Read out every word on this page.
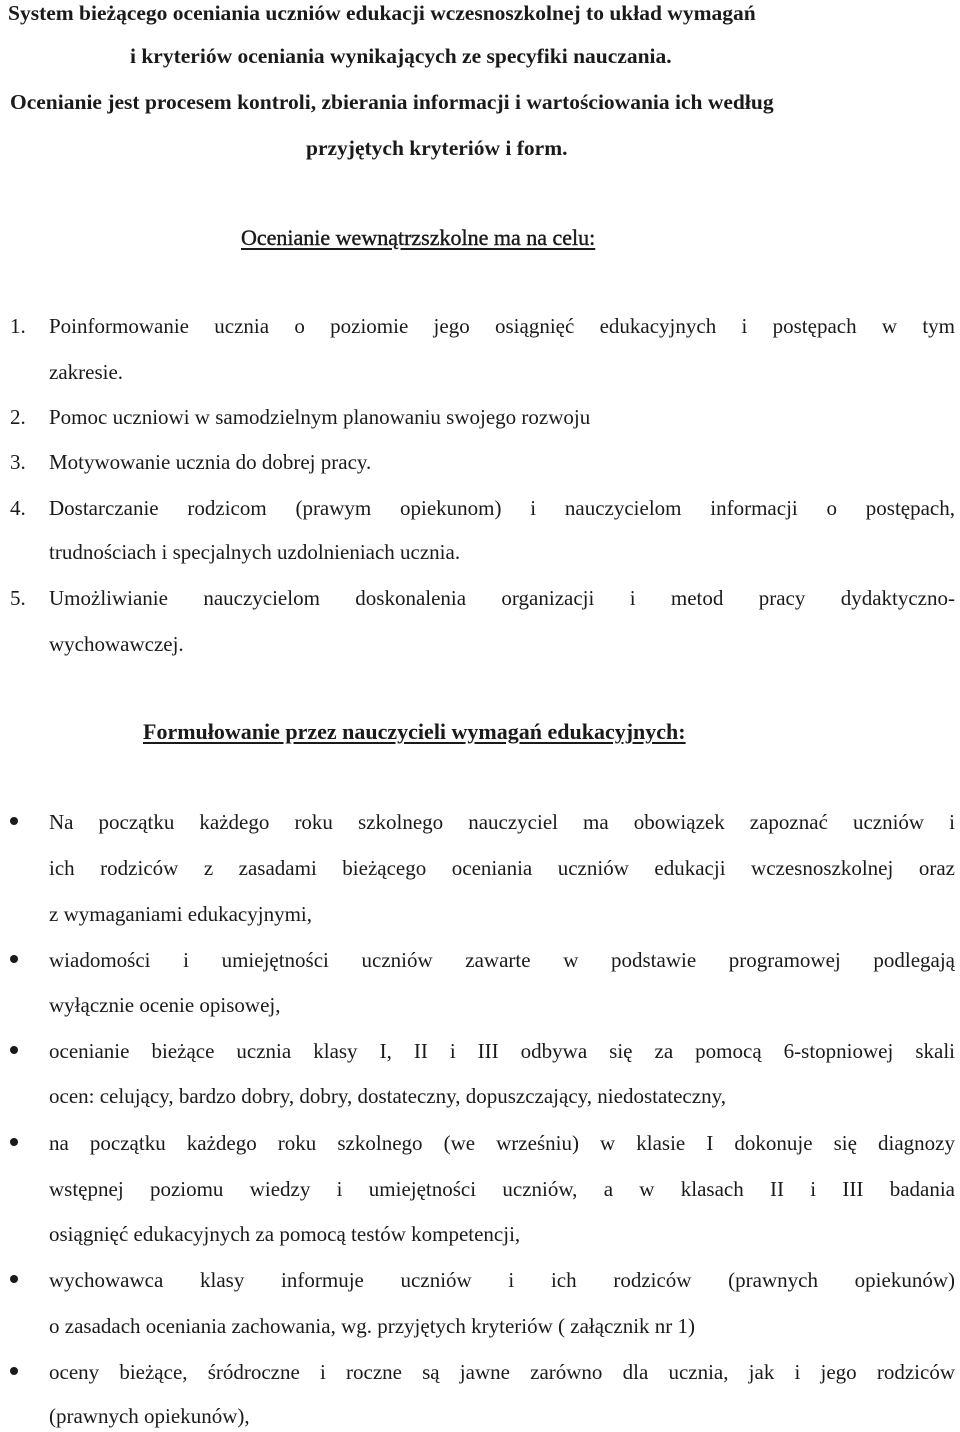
System bieżącego oceniania uczniów edukacji wczesnoszkolnej to układ wymagań
i kryteriów oceniania wynikających ze specyfiki nauczania.
Ocenianie jest procesem kontroli, zbierania informacji i wartościowania ich według
przyjętych kryteriów i form.
Ocenianie wewnątrzszkolne ma na celu:
1. Poinformowanie ucznia o poziomie jego osiągnięć edukacyjnych i postępach w tym
zakresie.
2. Pomoc uczniowi w samodzielnym planowaniu swojego rozwoju
3. Motywowanie ucznia do dobrej pracy.
4. Dostarczanie rodzicom (prawym opiekunom) i nauczycielom informacji o postępach,
trudnościach i specjalnych uzdolnieniach ucznia.
5. Umożliwianie nauczycielom doskonalenia organizacji i metod pracy dydaktyczno-
wychowawczej.
Formułowanie przez nauczycieli wymagań edukacyjnych:
Na początku każdego roku szkolnego nauczyciel ma obowiązek zapoznać uczniów i
ich rodziców z zasadami bieżącego oceniania uczniów edukacji wczesnoszkolnej oraz
z wymaganiami edukacyjnymi,
wiadomości i umiejętności uczniów zawarte w podstawie programowej podlegają
wyłącznie ocenie opisowej,
ocenianie bieżące ucznia klasy I, II i III odbywa się za pomocą 6-stopniowej skali
ocen: celujący, bardzo dobry, dobry, dostateczny, dopuszczający, niedostateczny,
na początku każdego roku szkolnego (we wrześniu) w klasie I dokonuje się diagnozy
wstępnej poziomu wiedzy i umiejętności uczniów, a w klasach II i III badania
osiągnięć edukacyjnych za pomocą testów kompetencji,
wychowawca klasy informuje uczniów i ich rodziców (prawnych opiekunów)
o zasadach oceniania zachowania, wg. przyjętych kryteriów ( załącznik nr 1)
oceny bieżące, śródroczne i roczne są jawne zarówno dla ucznia, jak i jego rodziców
(prawnych opiekunów),
